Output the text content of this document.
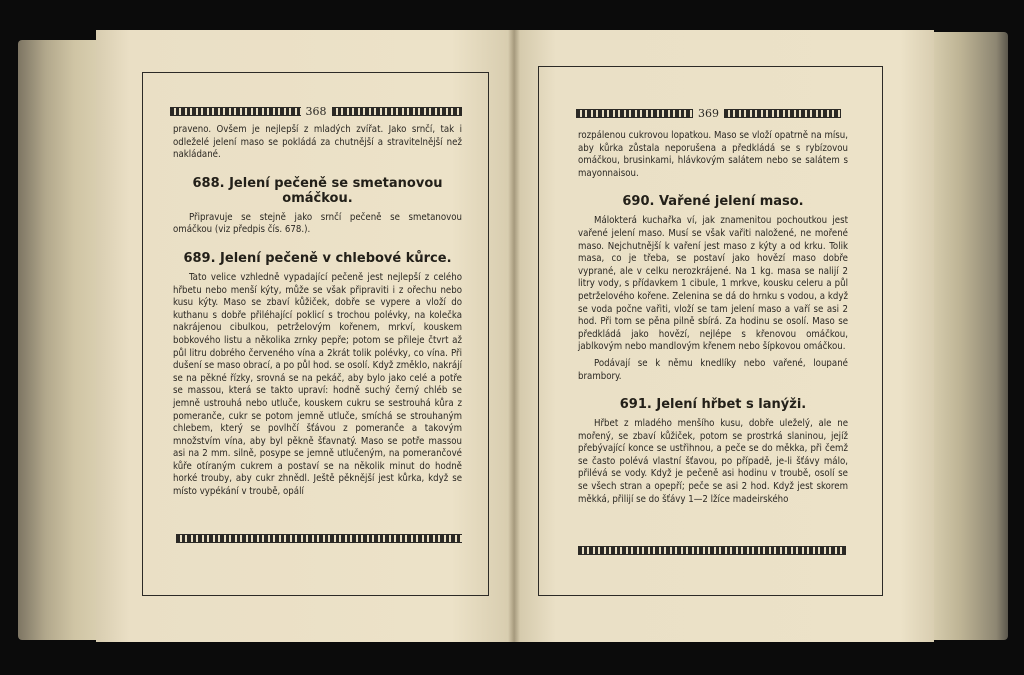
368

praveno. Ovšem je nejlepší z mladých zvířat. Jako srnčí, tak i odleželé jelení maso se pokládá za chutnější a stravitelnější než nakládané.

688. Jelení pečeně se smetanovou omáčkou.

Připravuje se stejně jako srnčí pečeně se smetanovou omáčkou (viz předpis čís. 678.).

689. Jelení pečeně v chlebové kůrce.

Tato velice vzhledně vypadající pečeně jest nejlepší z celého hřbetu nebo menší kýty, může se však připraviti i z ořechu nebo kusu kýty. Maso se zbaví kůžiček, dobře se vypere a vloží do kuthanu s dobře přiléhající poklicí s trochou polévky, na kolečka nakrájenou cibulkou, petrželovým kořenem, mrkví, kouskem bobkového listu a několika zrnky pepře; potom se přileje čtvrt až půl litru dobrého červeného vína a 2krát tolik polévky, co vína. Při dušení se maso obrací, a po půl hod. se osolí. Když změklo, nakrájí se na pěkné řízky, srovná se na pekáč, aby bylo jako celé a potře se massou, která se takto upraví: hodně suchý černý chléb se jemně ustrouhá nebo utluče, kouskem cukru se sestrouhá kůra z pomeranče, cukr se potom jemně utluče, smíchá se strouhaným chlebem, který se povlhčí šťávou z pomeranče a takovým množstvím vína, aby byl pěkně šťavnatý. Maso se potře massou asi na 2 mm. silně, posype se jemně utlučeným, na pomerančové kůře otíraným cukrem a postaví se na několik minut do hodně horké trouby, aby cukr zhnědl. Ještě pěknější jest kůrka, když se místo vypékání v troubě, opálí

369

rozpálenou cukrovou lopatkou. Maso se vloží opatrně na mísu, aby kůrka zůstala neporušena a předkládá se s rybízovou omáčkou, brusinkami, hlávkovým salátem nebo se salátem s mayonnaisou.

690. Vařené jelení maso.

Málokterá kuchařka ví, jak znamenitou pochoutkou jest vařené jelení maso. Musí se však vařiti naložené, ne mořené maso. Nejchutnější k vaření jest maso z kýty a od krku. Tolik masa, co je třeba, se postaví jako hovězí maso dobře vyprané, ale v celku nerozkrájené. Na 1 kg. masa se nalijí 2 litry vody, s přídavkem 1 cibule, 1 mrkve, kousku celeru a půl petrželového kořene. Zelenina se dá do hrnku s vodou, a když se voda počne vařiti, vloží se tam jelení maso a vaří se asi 2 hod. Při tom se pěna pilně sbírá. Za hodinu se osolí. Maso se předkládá jako hovězí, nejlépe s křenovou omáčkou, jablkovým nebo mandlovým křenem nebo šípkovou omáčkou.

Podávají se k němu knedlíky nebo vařené, loupané brambory.

691. Jelení hřbet s lanýži.

Hřbet z mladého menšího kusu, dobře uleželý, ale ne mořený, se zbaví kůžiček, potom se prostrká slaninou, jejíž přebývající konce se ustřihnou, a peče se do měkka, při čemž se často polévá vlastní šťavou, po případě, je-li šťávy málo, přilévá se vody. Když je pečeně asi hodinu v troubě, osolí se se všech stran a opepří; peče se asi 2 hod. Když jest skorem měkká, přilijí se do šťávy 1—2 lžíce madeirského
